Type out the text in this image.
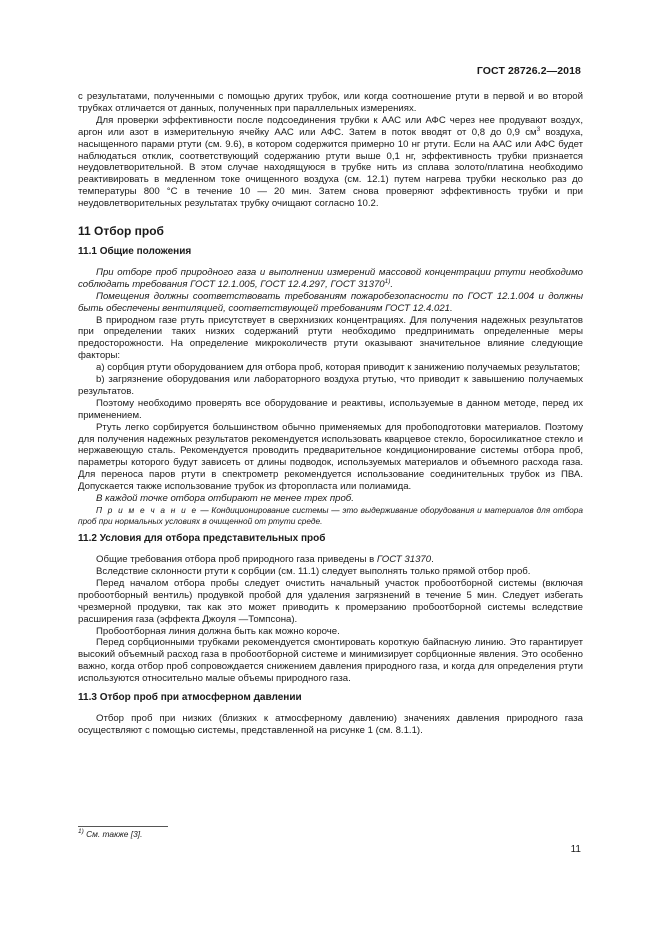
ГОСТ 28726.2—2018

с результатами, полученными с помощью других трубок, или когда соотношение ртути в первой и во второй трубках отличается от данных, полученных при параллельных измерениях.

Для проверки эффективности после подсоединения трубки к ААС или АФС через нее продувают воздух, аргон или азот в измерительную ячейку ААС или АФС. Затем в поток вводят от 0,8 до 0,9 $см^3$ воздуха, насыщенного парами ртути (см. 9.6), в котором содержится примерно 10 нг ртути. Если на ААС или АФС будет наблюдаться отклик, соответствующий содержанию ртути выше 0,1 нг, эффективность трубки признается неудовлетворительной. В этом случае находящуюся в трубке нить из сплава золото/платина необходимо реактивировать в медленном токе очищенного воздуха (см. 12.1) путем нагрева трубки несколько раз до температуры 800 °С в течение 10 — 20 мин. Затем снова проверяют эффективность трубки и при неудовлетворительных результатах трубку очищают согласно 10.2.

11 Отбор проб
11.1 Общие положения

При отборе проб природного газа и выполнении измерений массовой концентрации ртути необходимо соблюдать требования ГОСТ 12.1.005, ГОСТ 12.4.297, ГОСТ 31370$^{1)}$.

Помещения должны соответствовать требованиям пожаробезопасности по ГОСТ 12.1.004 и должны быть обеспечены вентиляцией, соответствующей требованиям ГОСТ 12.4.021.

В природном газе ртуть присутствует в сверхнизких концентрациях. Для получения надежных результатов при определении таких низких содержаний ртути необходимо предпринимать определенные меры предосторожности. На определение микроколичеств ртути оказывают значительное влияние следующие факторы:

а) сорбция ртути оборудованием для отбора проб, которая приводит к занижению получаемых результатов;

b) загрязнение оборудования или лабораторного воздуха ртутью, что приводит к завышению получаемых результатов.

Поэтому необходимо проверять все оборудование и реактивы, используемые в данном методе, перед их применением.

Ртуть легко сорбируется большинством обычно применяемых для пробоподготовки материалов. Поэтому для получения надежных результатов рекомендуется использовать кварцевое стекло, боросиликатное стекло и нержавеющую сталь. Рекомендуется проводить предварительное кондиционирование системы отбора проб, параметры которого будут зависеть от длины подводок, используемых материалов и объемного расхода газа. Для переноса паров ртути в спектрометр рекомендуется использование соединительных трубок из ПВА. Допускается также использование трубок из фторопласта или полиамида.

В каждой точке отбора отбирают не менее трех проб.

П р и м е ч а н и е — Кондиционирование системы — это выдерживание оборудования и материалов для отбора проб при нормальных условиях в очищенной от ртути среде.

11.2 Условия для отбора представительных проб

Общие требования отбора проб природного газа приведены в ГОСТ 31370.

Вследствие склонности ртути к сорбции (см. 11.1) следует выполнять только прямой отбор проб.

Перед началом отбора пробы следует очистить начальный участок пробоотборной системы (включая пробоотборный вентиль) продувкой пробой для удаления загрязнений в течение 5 мин. Следует избегать чрезмерной продувки, так как это может приводить к промерзанию пробоотборной системы вследствие расширения газа (эффекта Джоуля —Томпсона).

Пробоотборная линия должна быть как можно короче.

Перед сорбционными трубками рекомендуется смонтировать короткую байпасную линию. Это гарантирует высокий объемный расход газа в пробоотборной системе и минимизирует сорбционные явления. Это особенно важно, когда отбор проб сопровождается снижением давления природного газа, и когда для определения ртути используются относительно малые объемы природного газа.

11.3 Отбор проб при атмосферном давлении

Отбор проб при низких (близких к атмосферному давлению) значениях давления природного газа осуществляют с помощью системы, представленной на рисунке 1 (см. 8.1.1).

$^{1)}$ См. также [3].
11
